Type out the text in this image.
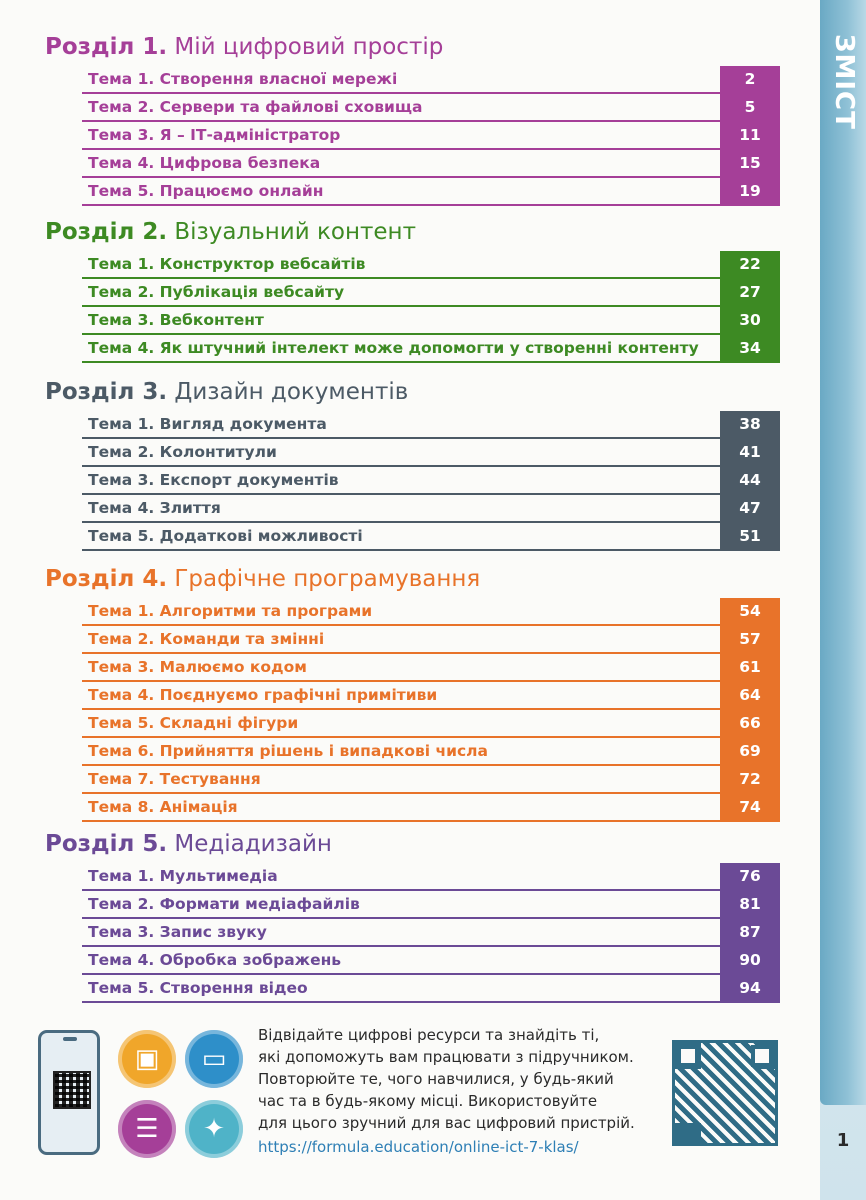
ЗМІСТ
1
Розділ 1. Мій цифровий простір
Тема 1. Створення власної мережі	2
Тема 2. Сервери та файлові сховища	5
Тема 3. Я – ІТ-адміністратор	11
Тема 4. Цифрова безпека	15
Тема 5. Працюємо онлайн	19
Розділ 2. Візуальний контент
Тема 1. Конструктор вебсайтів	22
Тема 2. Публікація вебсайту	27
Тема 3. Вебконтент	30
Тема 4. Як штучний інтелект може допомогти у створенні контенту	34
Розділ 3. Дизайн документів
Тема 1. Вигляд документа	38
Тема 2. Колонтитули	41
Тема 3. Експорт документів	44
Тема 4. Злиття	47
Тема 5. Додаткові можливості	51
Розділ 4. Графічне програмування
Тема 1. Алгоритми та програми	54
Тема 2. Команди та змінні	57
Тема 3. Малюємо кодом	61
Тема 4. Поєднуємо графічні примітиви	64
Тема 5. Складні фігури	66
Тема 6. Прийняття рішень і випадкові числа	69
Тема 7. Тестування	72
Тема 8. Анімація	74
Розділ 5. Медіадизайн
Тема 1. Мультимедіа	76
Тема 2. Формати медіафайлів	81
Тема 3. Запис звуку	87
Тема 4. Обробка зображень	90
Тема 5. Створення відео	94
▣	▭
☰	✦

Відвідайте цифрові ресурси та знайдіть ті,

які допоможуть вам працювати з підручником.

Повторюйте те, чого навчилися, у будь-який

час та в будь-якому місці. Використовуйте

для цього зручний для вас цифровий пристрій.

https://formula.education/online-ict-7-klas/
